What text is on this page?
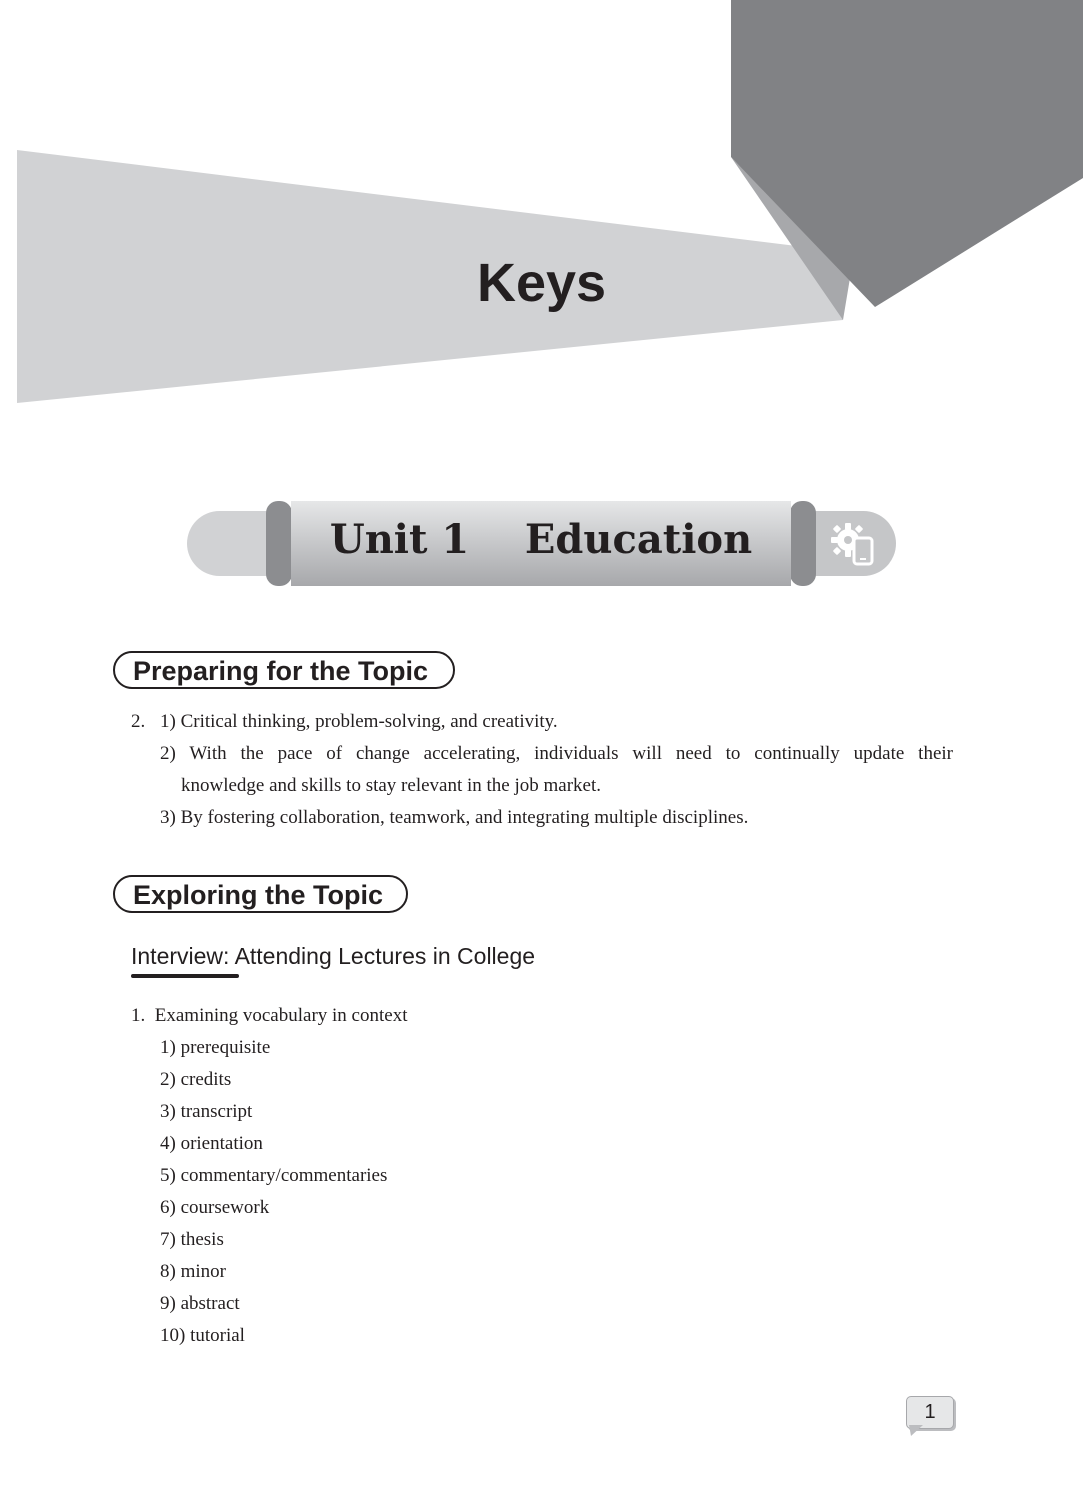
Keys
Unit 1 Education
Preparing for the Topic
2. 1) Critical thinking, problem-solving, and creativity.
2) With the pace of change accelerating, individuals will need to continually update their
knowledge and skills to stay relevant in the job market.
3) By fostering collaboration, teamwork, and integrating multiple disciplines.
Exploring the Topic
Interview: Attending Lectures in College
1.  Examining vocabulary in context
1) prerequisite
2) credits
3) transcript
4) orientation
5) commentary/commentaries
6) coursework
7) thesis
8) minor
9) abstract
10) tutorial
1
